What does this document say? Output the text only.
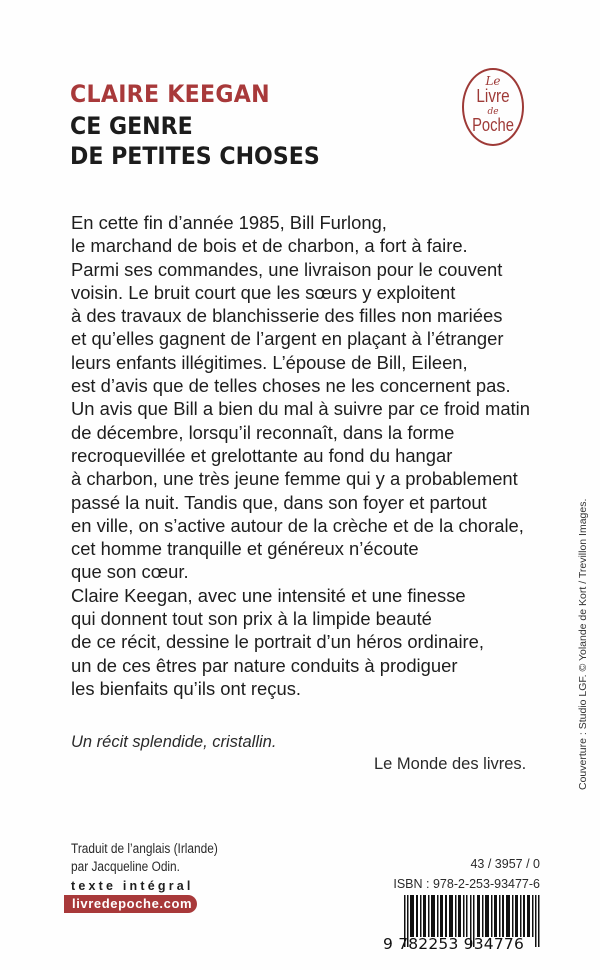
CLAIRE KEEGAN
CE GENRE
DE PETITES CHOSES
Le
Livre
de
Poche
En cette fin d’année 1985, Bill Furlong,
le marchand de bois et de charbon, a fort à faire.
Parmi ses commandes, une livraison pour le couvent
voisin. Le bruit court que les sœurs y exploitent
à des travaux de blanchisserie des filles non mariées
et qu’elles gagnent de l’argent en plaçant à l’étranger
leurs enfants illégitimes. L’épouse de Bill, Eileen,
est d’avis que de telles choses ne les concernent pas.
Un avis que Bill a bien du mal à suivre par ce froid matin
de décembre, lorsqu’il reconnaît, dans la forme
recroquevillée et grelottante au fond du hangar
à charbon, une très jeune femme qui y a probablement
passé la nuit. Tandis que, dans son foyer et partout
en ville, on s’active autour de la crèche et de la chorale,
cet homme tranquille et généreux n’écoute
que son cœur.
Claire Keegan, avec une intensité et une finesse
qui donnent tout son prix à la limpide beauté
de ce récit, dessine le portrait d’un héros ordinaire,
un de ces êtres par nature conduits à prodiguer
les bienfaits qu’ils ont reçus.
Un récit splendide, cristallin.
Le Monde des livres.
Traduit de l’anglais (Irlande)
par Jacqueline Odin.
texte intégral
livredepoche.com
43 / 3957 / 0
ISBN : 978-2-253-93477-6
9 782253 934776
Couverture : Studio LGF. © Yolande de Kort / Trevillon Images.
